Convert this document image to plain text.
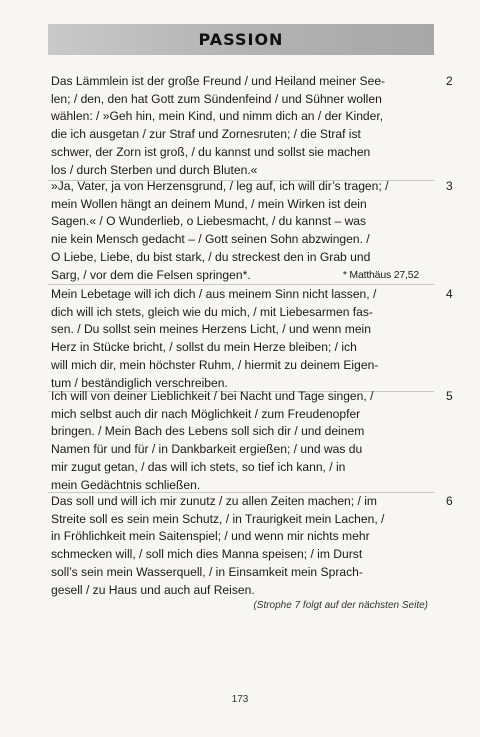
PASSION

Das Lämmlein ist der große Freund / und Heiland meiner See-

len; / den, den hat Gott zum Sündenfeind / und Sühner wollen

wählen: / »Geh hin, mein Kind, und nimm dich an / der Kinder,

die ich ausgetan / zur Straf und Zornesruten; / die Straf ist

schwer, der Zorn ist groß, / du kannst und sollst sie machen

los / durch Sterben und durch Bluten.«

2

»Ja, Vater, ja von Herzensgrund, / leg auf, ich will dir’s tragen; /

mein Wollen hängt an deinem Mund, / mein Wirken ist dein

Sagen.« / O Wunderlieb, o Liebesmacht, / du kannst – was

nie kein Mensch gedacht – / Gott seinen Sohn abzwingen. /

O Liebe, Liebe, du bist stark, / du streckest den in Grab und

Sarg, / vor dem die Felsen springen*.	* Matthäus 27,52

3

Mein Lebetage will ich dich / aus meinem Sinn nicht lassen, /

dich will ich stets, gleich wie du mich, / mit Liebesarmen fas-

sen. / Du sollst sein meines Herzens Licht, / und wenn mein

Herz in Stücke bricht, / sollst du mein Herze bleiben; / ich

will mich dir, mein höchster Ruhm, / hiermit zu deinem Eigen-

tum / beständiglich verschreiben.

4

Ich will von deiner Lieblichkeit / bei Nacht und Tage singen, /

mich selbst auch dir nach Möglichkeit / zum Freudenopfer

bringen. / Mein Bach des Lebens soll sich dir / und deinem

Namen für und für / in Dankbarkeit ergießen; / und was du

mir zugut getan, / das will ich stets, so tief ich kann, / in

mein Gedächtnis schließen.

5

Das soll und will ich mir zunutz / zu allen Zeiten machen; / im

Streite soll es sein mein Schutz, / in Traurigkeit mein Lachen, /

in Fröhlichkeit mein Saitenspiel; / und wenn mir nichts mehr

schmecken will, / soll mich dies Manna speisen; / im Durst

soll’s sein mein Wasserquell, / in Einsamkeit mein Sprach-

gesell / zu Haus und auch auf Reisen.

6
(Strophe 7 folgt auf der nächsten Seite)
173
